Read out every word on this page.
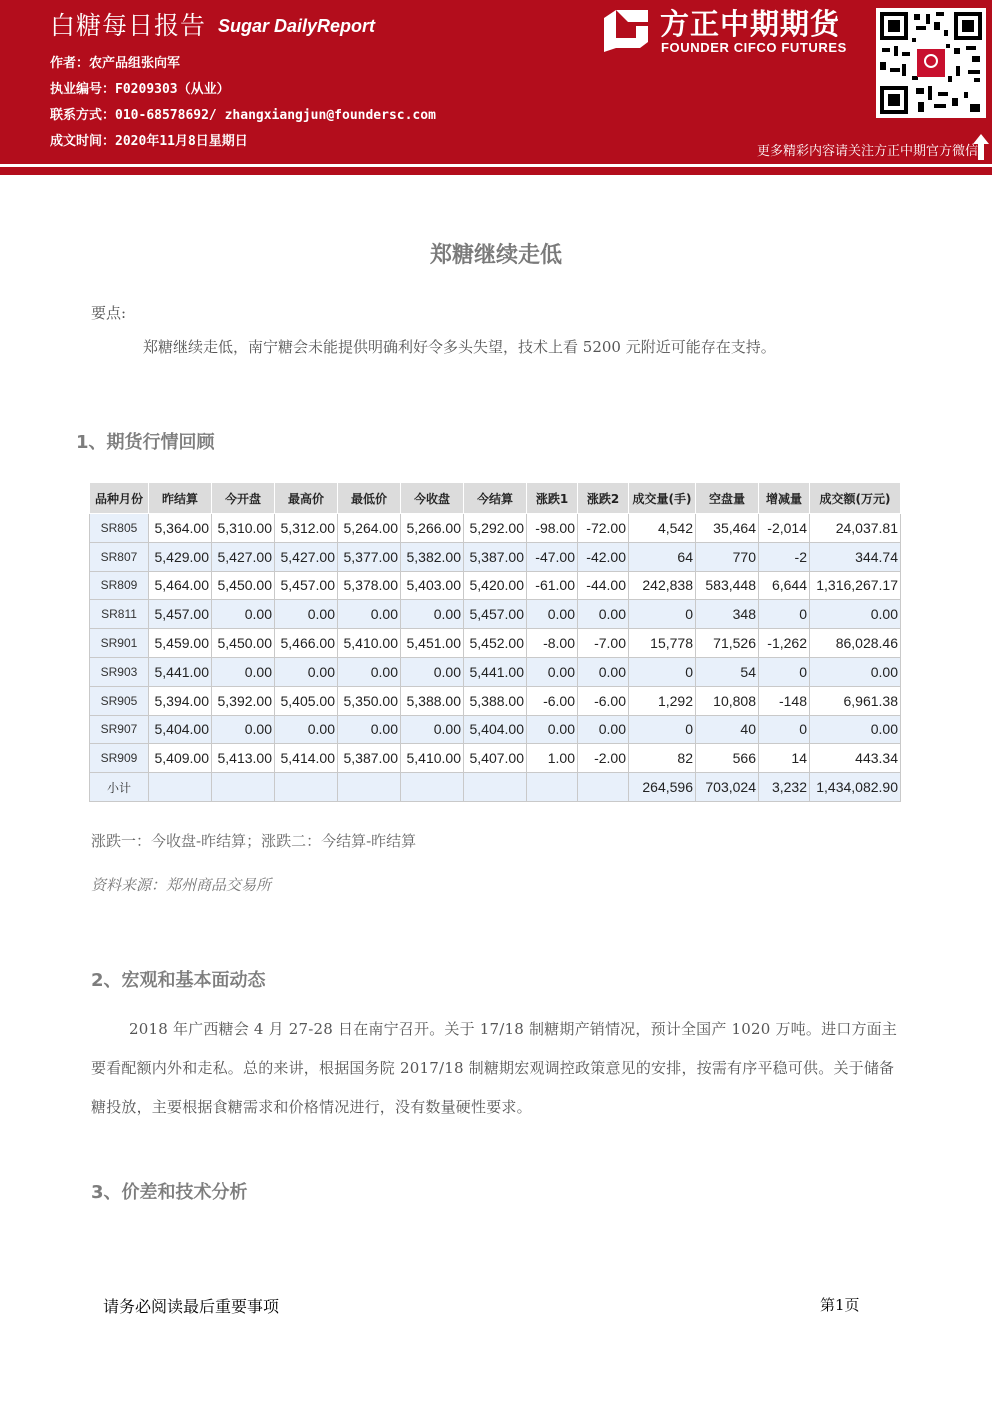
白糖每日报告 Sugar DailyReport
作者：农产品组张向军
执业编号：F0209303（从业）
联系方式：010-68578692/ zhangxiangjun@foundersc.com
成文时间：2020年11月8日星期日
方正中期期货
FOUNDER CIFCO FUTURES
更多精彩内容请关注方正中期官方微信
郑糖继续走低
要点:
郑糖继续走低，南宁糖会未能提供明确利好令多头失望，技术上看 5200 元附近可能存在支持。
1、期货行情回顾
品种月份	昨结算	今开盘	最高价	最低价	今收盘	今结算	涨跌1	涨跌2	成交量(手)	空盘量	增减量	成交额(万元)
SR805	5,364.00	5,310.00	5,312.00	5,264.00	5,266.00	5,292.00	-98.00	-72.00	4,542	35,464	-2,014	24,037.81
SR807	5,429.00	5,427.00	5,427.00	5,377.00	5,382.00	5,387.00	-47.00	-42.00	64	770	-2	344.74
SR809	5,464.00	5,450.00	5,457.00	5,378.00	5,403.00	5,420.00	-61.00	-44.00	242,838	583,448	6,644	1,316,267.17
SR811	5,457.00	0.00	0.00	0.00	0.00	5,457.00	0.00	0.00	0	348	0	0.00
SR901	5,459.00	5,450.00	5,466.00	5,410.00	5,451.00	5,452.00	-8.00	-7.00	15,778	71,526	-1,262	86,028.46
SR903	5,441.00	0.00	0.00	0.00	0.00	5,441.00	0.00	0.00	0	54	0	0.00
SR905	5,394.00	5,392.00	5,405.00	5,350.00	5,388.00	5,388.00	-6.00	-6.00	1,292	10,808	-148	6,961.38
SR907	5,404.00	0.00	0.00	0.00	0.00	5,404.00	0.00	0.00	0	40	0	0.00
SR909	5,409.00	5,413.00	5,414.00	5,387.00	5,410.00	5,407.00	1.00	-2.00	82	566	14	443.34
小计									264,596	703,024	3,232	1,434,082.90
涨跌一：今收盘-昨结算；涨跌二：今结算-昨结算
资料来源：郑州商品交易所
2、宏观和基本面动态
2018 年广西糖会 4 月 27-28 日在南宁召开。关于 17/18 制糖期产销情况，预计全国产 1020 万吨。进口方面主要看配额内外和走私。总的来讲，根据国务院 2017/18 制糖期宏观调控政策意见的安排，按需有序平稳可供。关于储备糖投放，主要根据食糖需求和价格情况进行，没有数量硬性要求。
3、价差和技术分析
请务必阅读最后重要事项	第1页
